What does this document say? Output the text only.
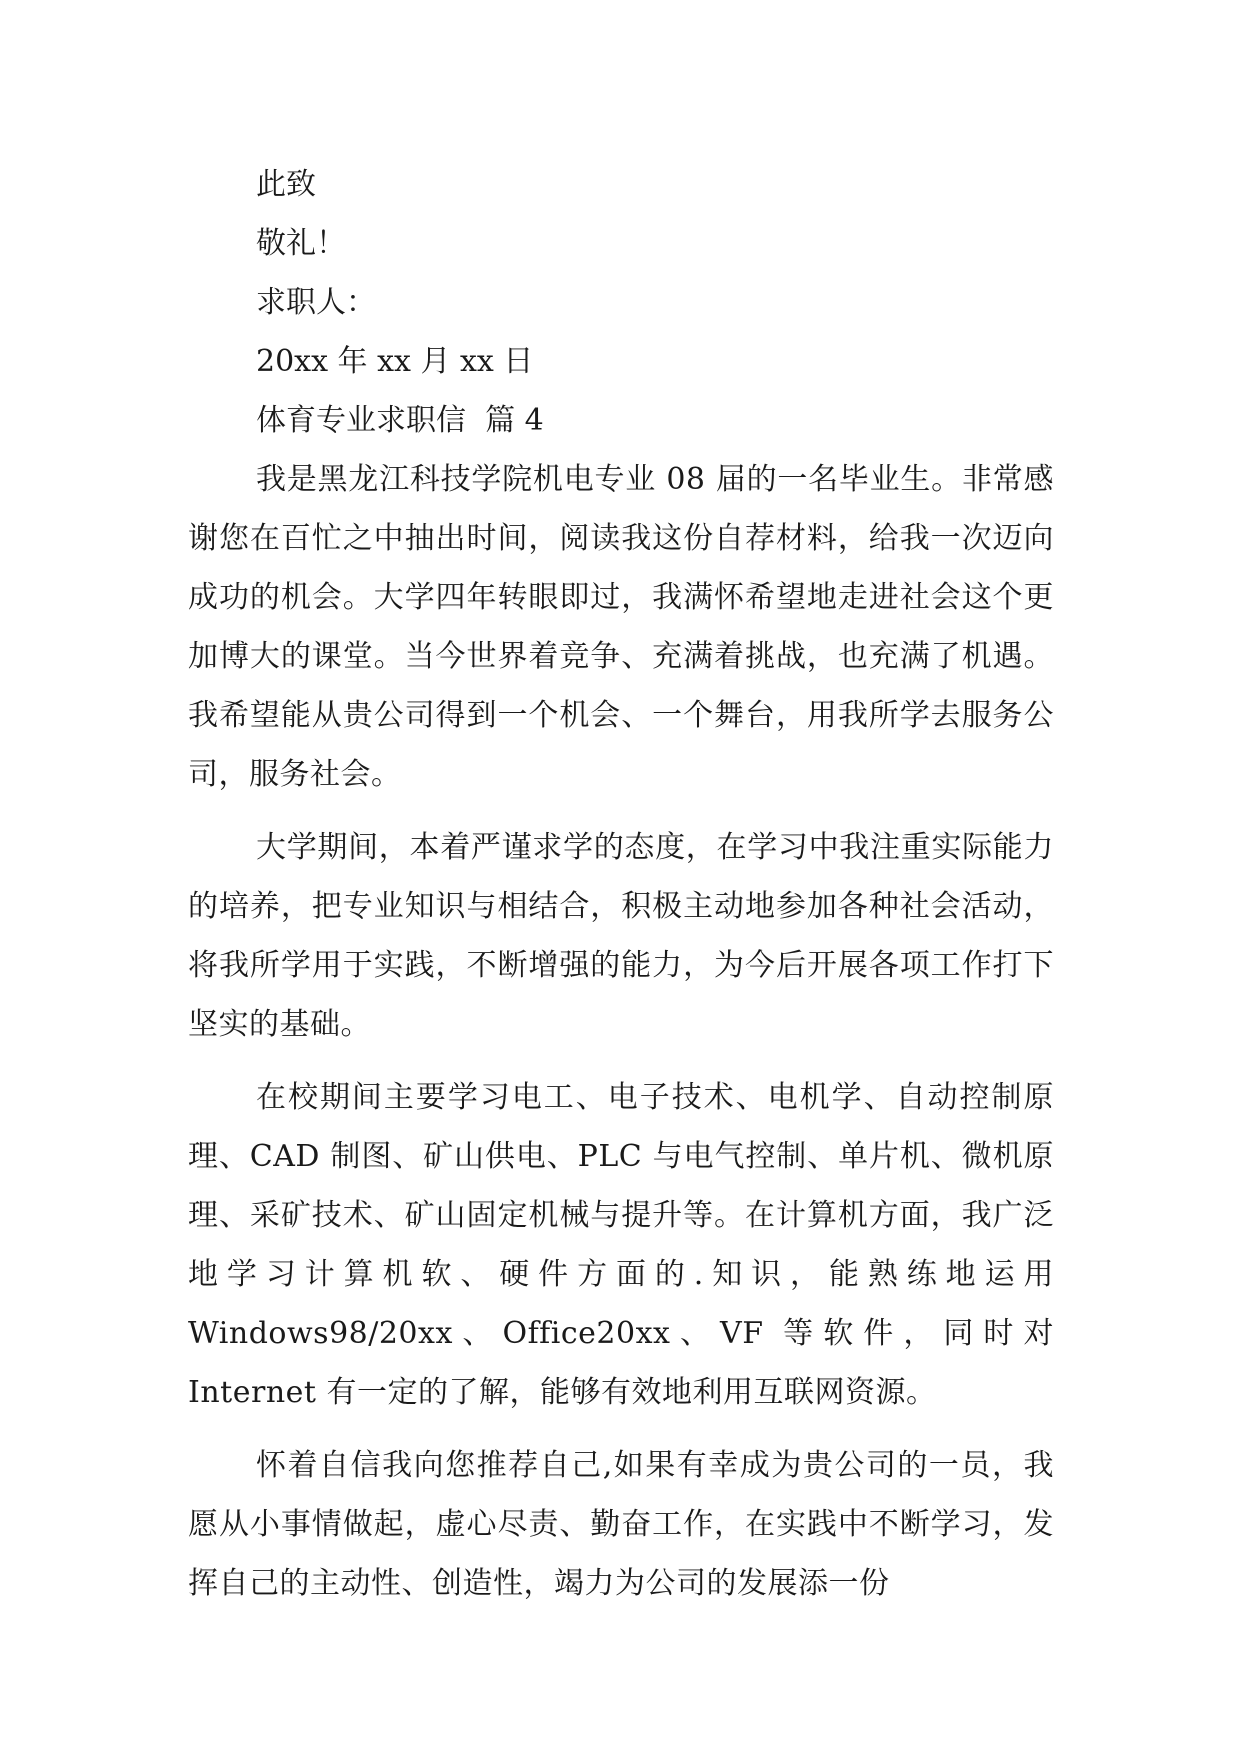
此致
敬礼！
求职人：
20xx 年 xx 月 xx 日
体育专业求职信  篇 4

我是黑龙江科技学院机电专业 08 届的一名毕业生。非常感谢您在百忙之中抽出时间，阅读我这份自荐材料，给我一次迈向成功的机会。大学四年转眼即过，我满怀希望地走进社会这个更加博大的课堂。当今世界着竞争、充满着挑战，也充满了机遇。我希望能从贵公司得到一个机会、一个舞台，用我所学去服务公司，服务社会。

大学期间，本着严谨求学的态度，在学习中我注重实际能力的培养，把专业知识与相结合，积极主动地参加各种社会活动，将我所学用于实践，不断增强的能力，为今后开展各项工作打下坚实的基础。

在校期间主要学习电工、电子技术、电机学、自动控制原理、CAD 制图、矿山供电、PLC 与电气控制、单片机、微机原理、采矿技术、矿山固定机械与提升等。在计算机方面，我广泛地学习计算机软、硬件方面的.知识，能熟练地运用 Windows98/20xx、Office20xx、VF 等软件，同时对 Internet 有一定的了解，能够有效地利用互联网资源。

怀着自信我向您推荐自己,如果有幸成为贵公司的一员，我愿从小事情做起，虚心尽责、勤奋工作，在实践中不断学习，发挥自己的主动性、创造性，竭力为公司的发展添一份
